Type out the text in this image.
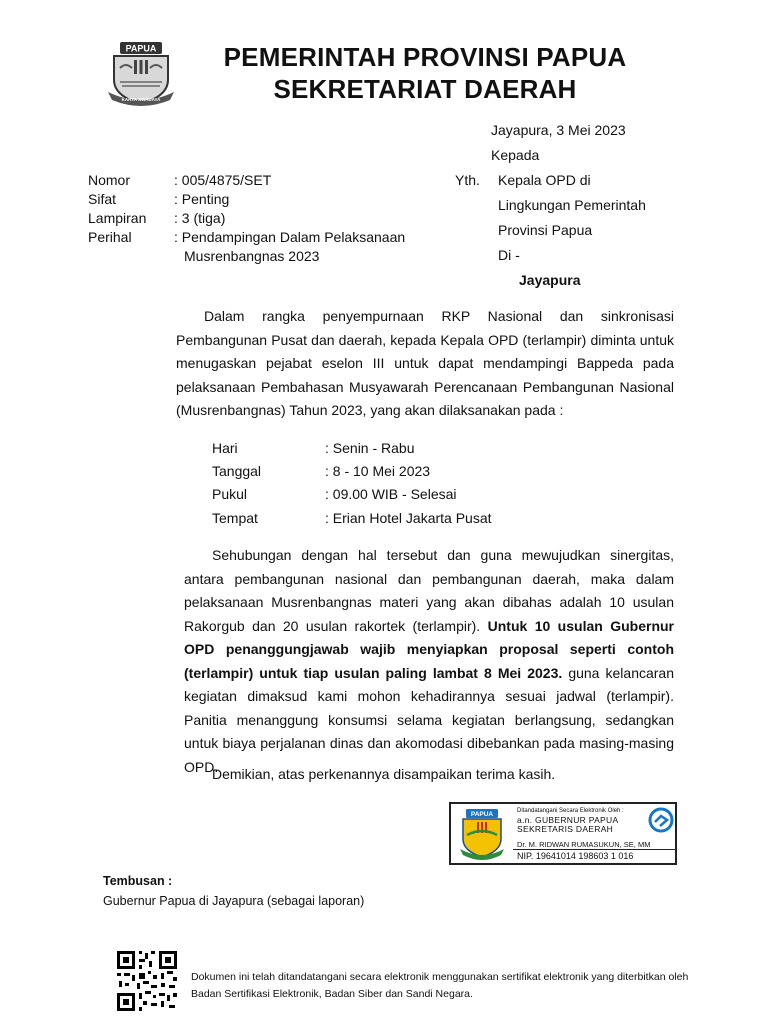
PAPUA
KARYA SWADAYA
PEMERINTAH PROVINSI PAPUA
SEKRETARIAT DAERAH
Jayapura, 3 Mei 2023
Kepada
Nomor	: 005/4875/SET
Sifat	: Penting
Lampiran : 3 (tiga)
Perihal	: Pendampingan Dalam Pelaksanaan
Musrenbangnas 2023
Yth. Kepala OPD di
Lingkungan Pemerintah
Provinsi Papua
Di -
Jayapura
Dalam rangka penyempurnaan RKP Nasional dan sinkronisasi Pembangunan Pusat dan daerah, kepada Kepala OPD (terlampir) diminta untuk menugaskan pejabat eselon III untuk dapat mendampingi Bappeda pada pelaksanaan Pembahasan Musyawarah Perencanaan Pembangunan Nasional (Musrenbangnas) Tahun 2023, yang akan dilaksanakan pada :
Hari	: Senin - Rabu
Tanggal	: 8 - 10 Mei 2023
Pukul	: 09.00 WIB - Selesai
Tempat	: Erian Hotel Jakarta Pusat
Sehubungan dengan hal tersebut dan guna mewujudkan sinergitas, antara pembangunan nasional dan pembangunan daerah, maka dalam pelaksanaan Musrenbangnas materi yang akan dibahas adalah 10 usulan Rakorgub dan 20 usulan rakortek (terlampir). Untuk 10 usulan Gubernur OPD penanggungjawab wajib menyiapkan proposal seperti contoh (terlampir) untuk tiap usulan paling lambat 8 Mei 2023. guna kelancaran kegiatan dimaksud kami mohon kehadirannya sesuai jadwal (terlampir). Panitia menanggung konsumsi selama kegiatan berlangsung, sedangkan untuk biaya perjalanan dinas dan akomodasi dibebankan pada masing-masing OPD.
Demikian, atas perkenannya disampaikan terima kasih.
PAPUA	Ditandatangani Secara Elektronik Oleh :
a.n. GUBERNUR PAPUA
SEKRETARIS DAERAH
Dr. M. RIDWAN RUMASUKUN, SE, MM
NIP. 19641014 198603 1 016
Tembusan :
Gubernur Papua di Jayapura (sebagai laporan)
Dokumen ini telah ditandatangani secara elektronik menggunakan sertifikat elektronik yang diterbitkan oleh
Badan Sertifikasi Elektronik, Badan Siber dan Sandi Negara.
